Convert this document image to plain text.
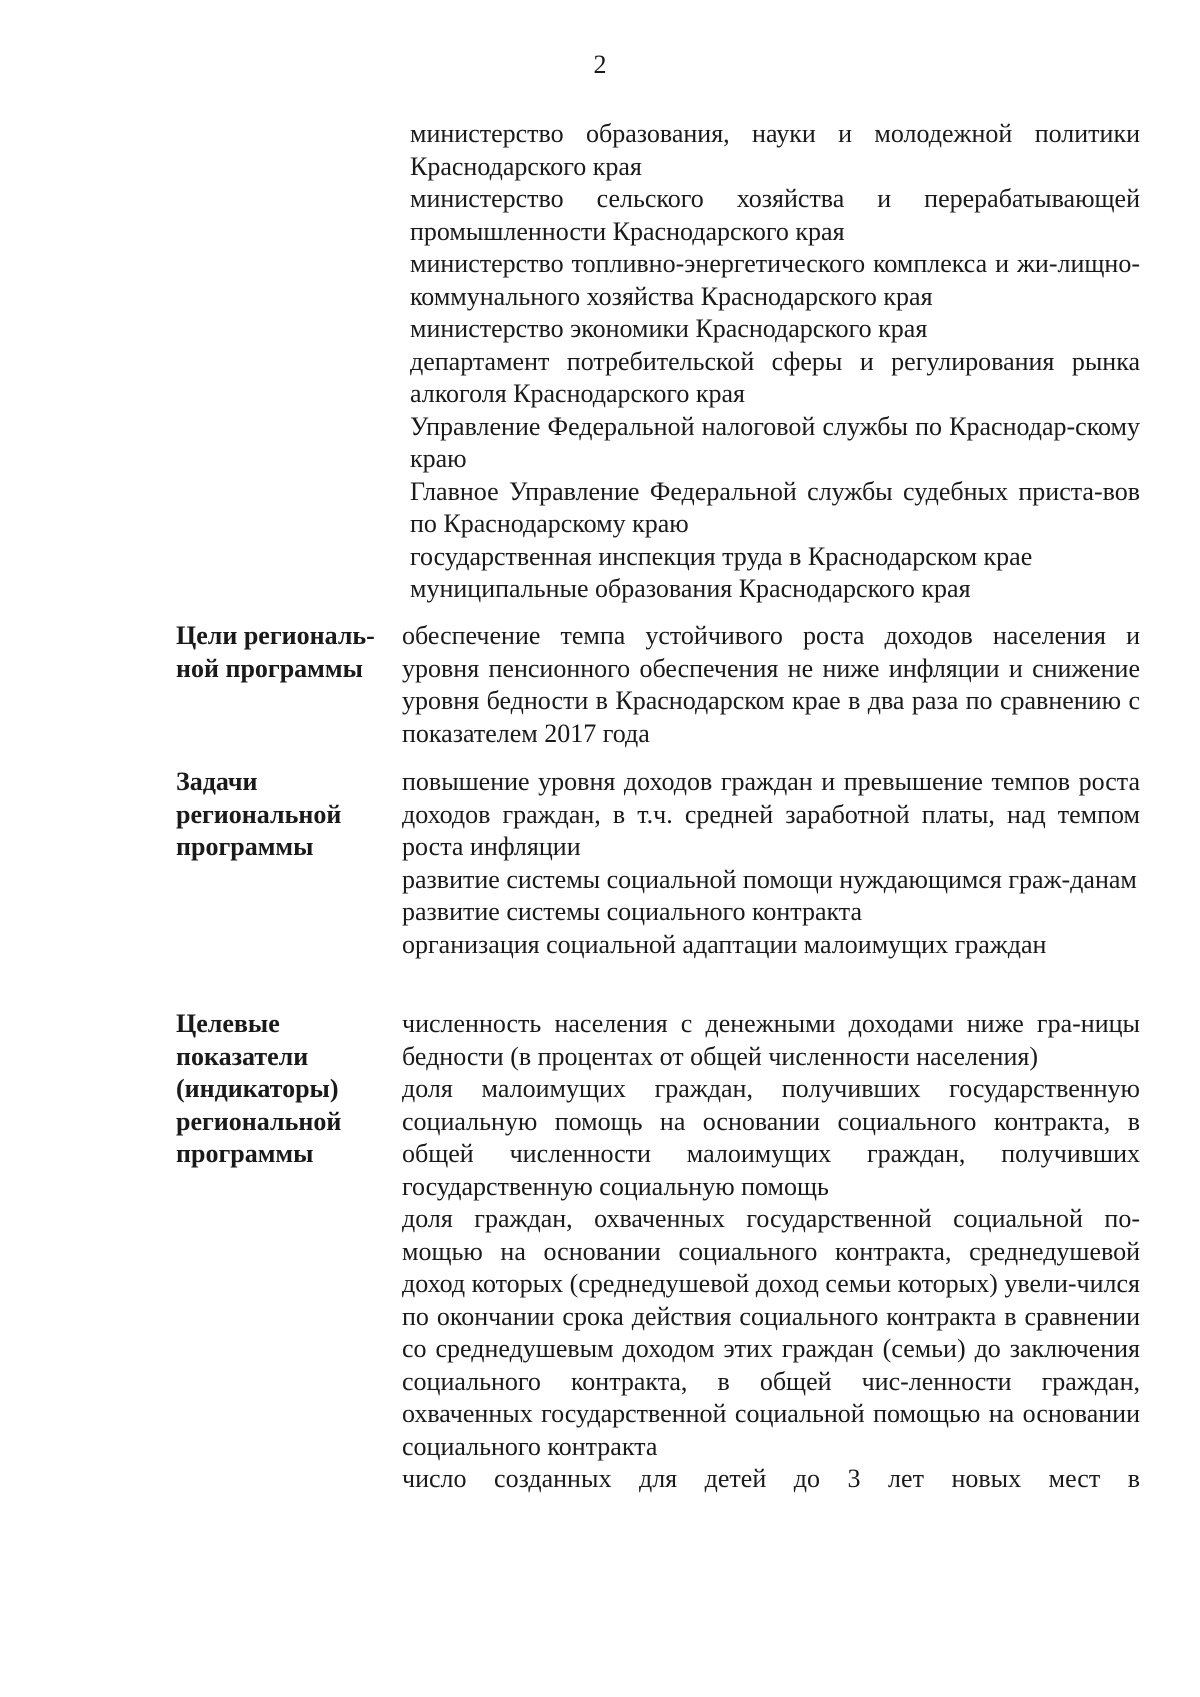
2

министерство образования, науки и молодежной политики Краснодарского края

министерство сельского хозяйства и перерабатывающей промышленности Краснодарского края

министерство топливно-энергетического комплекса и жи-лищно-коммунального хозяйства Краснодарского края

министерство экономики Краснодарского края

департамент потребительской сферы и регулирования рынка алкоголя Краснодарского края

Управление Федеральной налоговой службы по Краснодар-скому краю

Главное Управление Федеральной службы судебных приста-вов по Краснодарскому краю

государственная инспекция труда в Краснодарском крае

муниципальные образования Краснодарского края

Цели региональ-ной программы

обеспечение темпа устойчивого роста доходов населения и уровня пенсионного обеспечения не ниже инфляции и снижение уровня бедности в Краснодарском крае в два раза по сравнению с показателем 2017 года

Задачи региональной программы

повышение уровня доходов граждан и превышение темпов роста доходов граждан, в т.ч. средней заработной платы, над темпом роста инфляции

развитие системы социальной помощи нуждающимся граж-данам

развитие системы социального контракта

организация социальной адаптации малоимущих граждан

Целевые показатели (индикаторы) региональной программы

численность населения с денежными доходами ниже гра-ницы бедности (в процентах от общей численности населения)

доля малоимущих граждан, получивших государственную социальную помощь на основании социального контракта, в общей численности малоимущих граждан, получивших государственную социальную помощь

доля граждан, охваченных государственной социальной по-мощью на основании социального контракта, среднедушевой доход которых (среднедушевой доход семьи которых) увели-чился по окончании срока действия социального контракта в сравнении со среднедушевым доходом этих граждан (семьи) до заключения социального контракта, в общей чис-ленности граждан, охваченных государственной социальной помощью на основании социального контракта

число созданных для детей до 3 лет новых мест в
